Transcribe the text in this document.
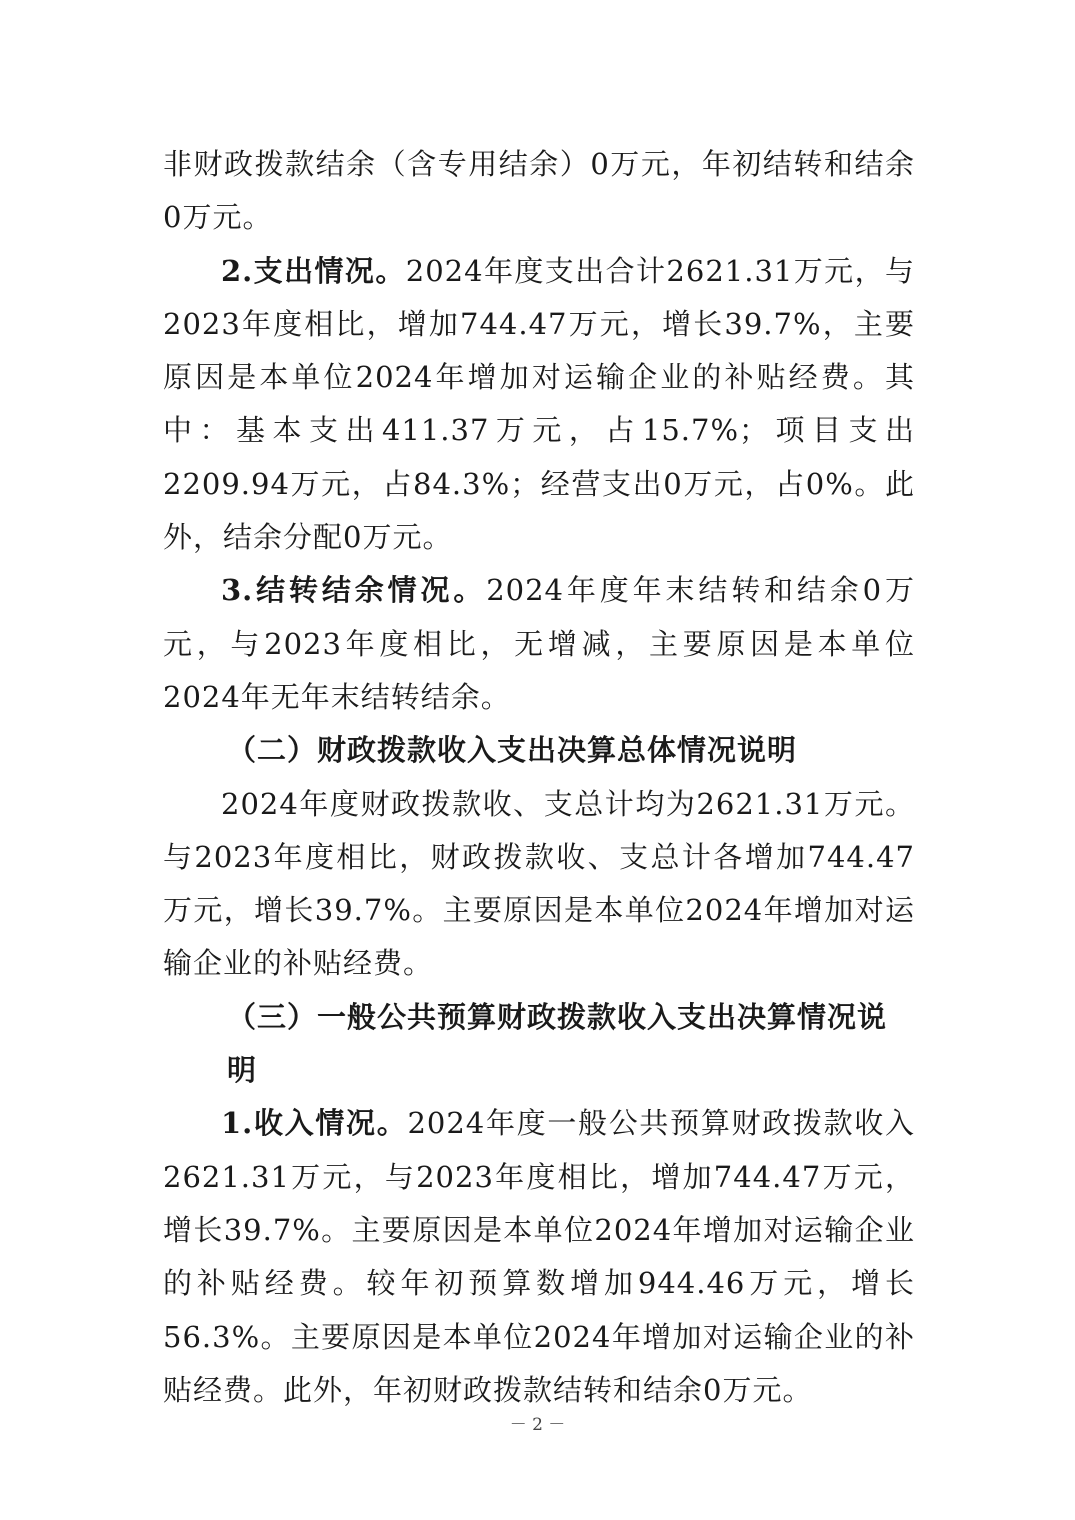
非财政拨款结余（含专用结余）0万元，年初结转和结余0万元。

2.支出情况。2024年度支出合计2621.31万元，与2023年度相比，增加744.47万元，增长39.7%，主要原因是本单位2024年增加对运输企业的补贴经费。其中：基本支出411.37万元，占15.7%；项目支出2209.94万元，占84.3%；经营支出0万元，占0%。此外，结余分配0万元。

3.结转结余情况。2024年度年末结转和结余0万元，与2023年度相比，无增减，主要原因是本单位2024年无年末结转结余。

（二）财政拨款收入支出决算总体情况说明

2024年度财政拨款收、支总计均为2621.31万元。与2023年度相比，财政拨款收、支总计各增加744.47万元，增长39.7%。主要原因是本单位2024年增加对运输企业的补贴经费。

（三）一般公共预算财政拨款收入支出决算情况说明

1.收入情况。2024年度一般公共预算财政拨款收入2621.31万元，与2023年度相比，增加744.47万元，增长39.7%。主要原因是本单位2024年增加对运输企业的补贴经费。较年初预算数增加944.46万元，增长56.3%。主要原因是本单位2024年增加对运输企业的补贴经费。此外，年初财政拨款结转和结余0万元。

－ 2 －
